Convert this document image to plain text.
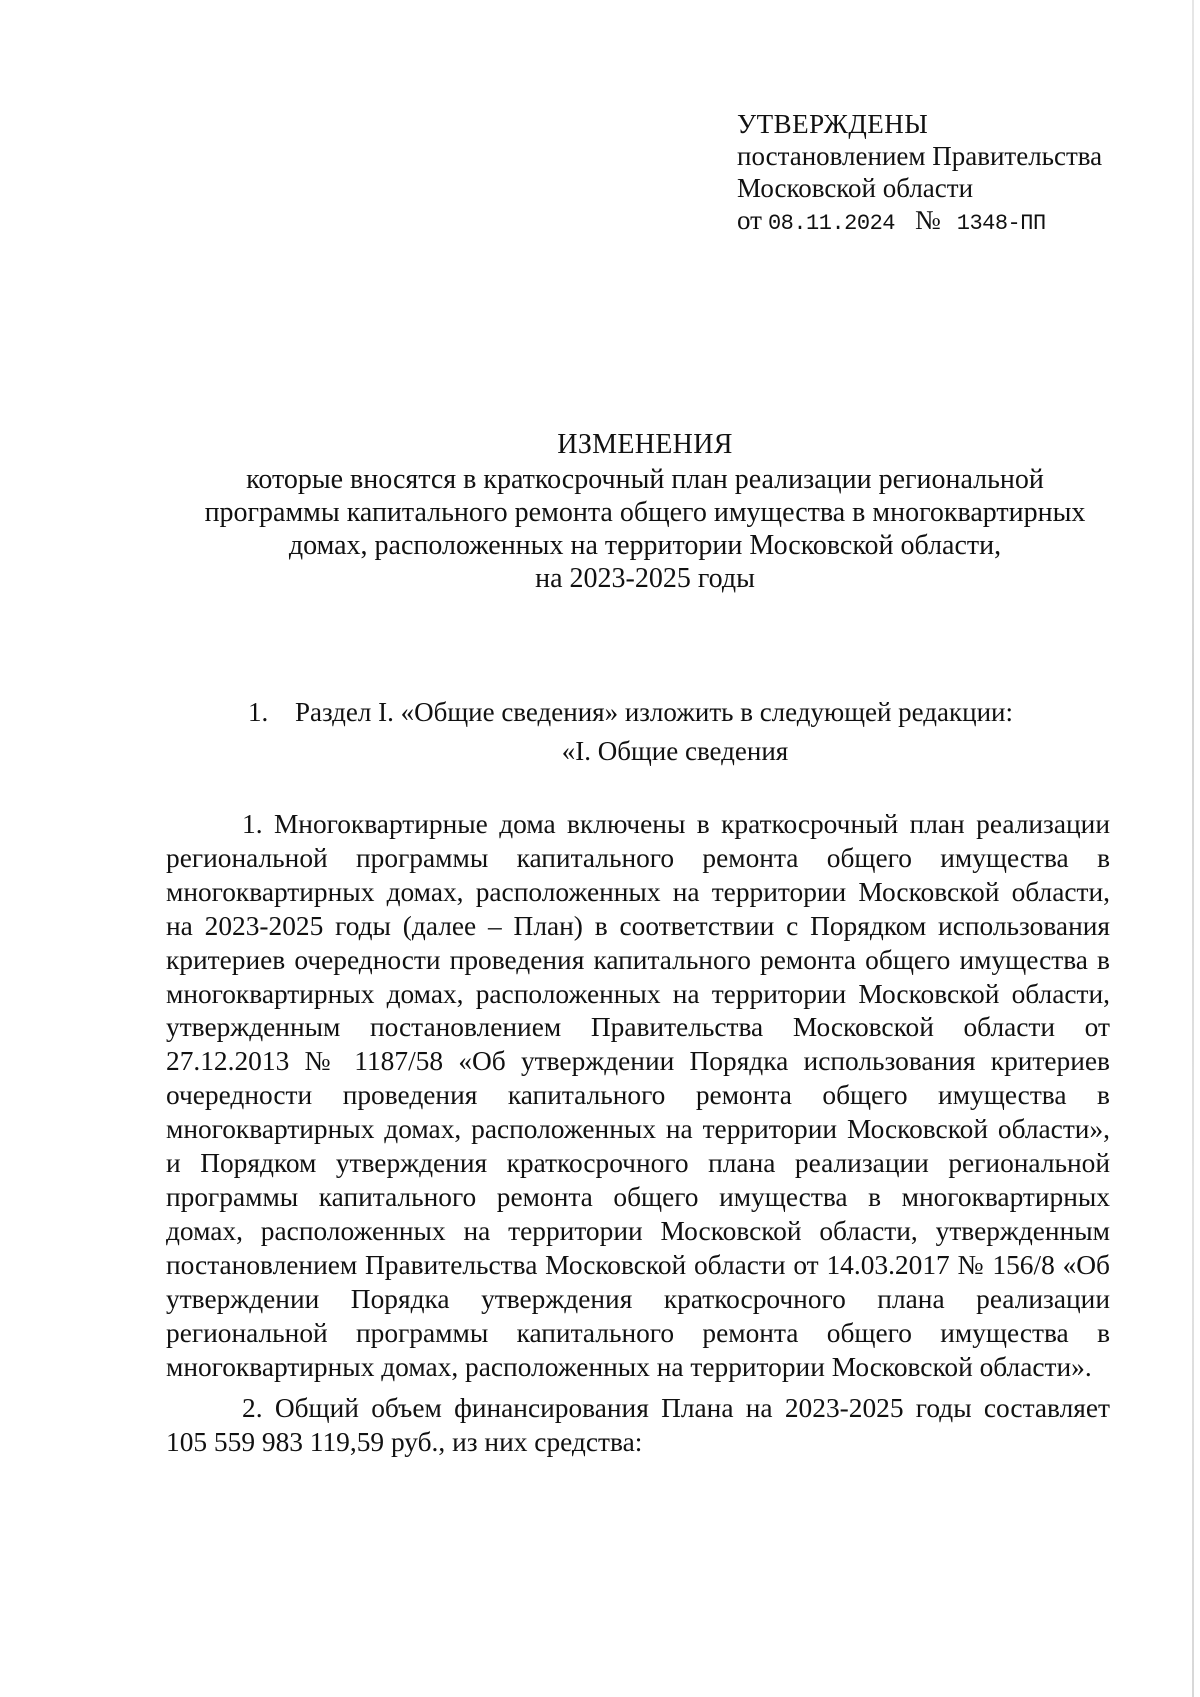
УТВЕРЖДЕНЫ
постановлением Правительства
Московской области
от 08.11.2024 № 1348-ПП
ИЗМЕНЕНИЯ
которые вносятся в краткосрочный план реализации региональной
программы капитального ремонта общего имущества в многоквартирных
домах, расположенных на территории Московской области,
на 2023-2025 годы
1. Раздел I. «Общие сведения» изложить в следующей редакции:
«I. Общие сведения

1. Многоквартирные дома включены в краткосрочный план реализации региональной программы капитального ремонта общего имущества в многоквартирных домах, расположенных на территории Московской области, на 2023-2025 годы (далее – План) в соответствии с Порядком использования критериев очередности проведения капитального ремонта общего имущества в многоквартирных домах, расположенных на территории Московской области, утвержденным постановлением Правительства Московской области от 27.12.2013 № 1187/58 «Об утверждении Порядка использования критериев очередности проведения капитального ремонта общего имущества в многоквартирных домах, расположенных на территории Московской области», и Порядком утверждения краткосрочного плана реализации региональной программы капитального ремонта общего имущества в многоквартирных домах, расположенных на территории Московской области, утвержденным постановлением Правительства Московской области от 14.03.2017 № 156/8 «Об утверждении Порядка утверждения краткосрочного плана реализации региональной программы капитального ремонта общего имущества в многоквартирных домах, расположенных на территории Московской области».

2. Общий объем финансирования Плана на 2023-2025 годы составляет 105 559 983 119,59 руб., из них средства:
